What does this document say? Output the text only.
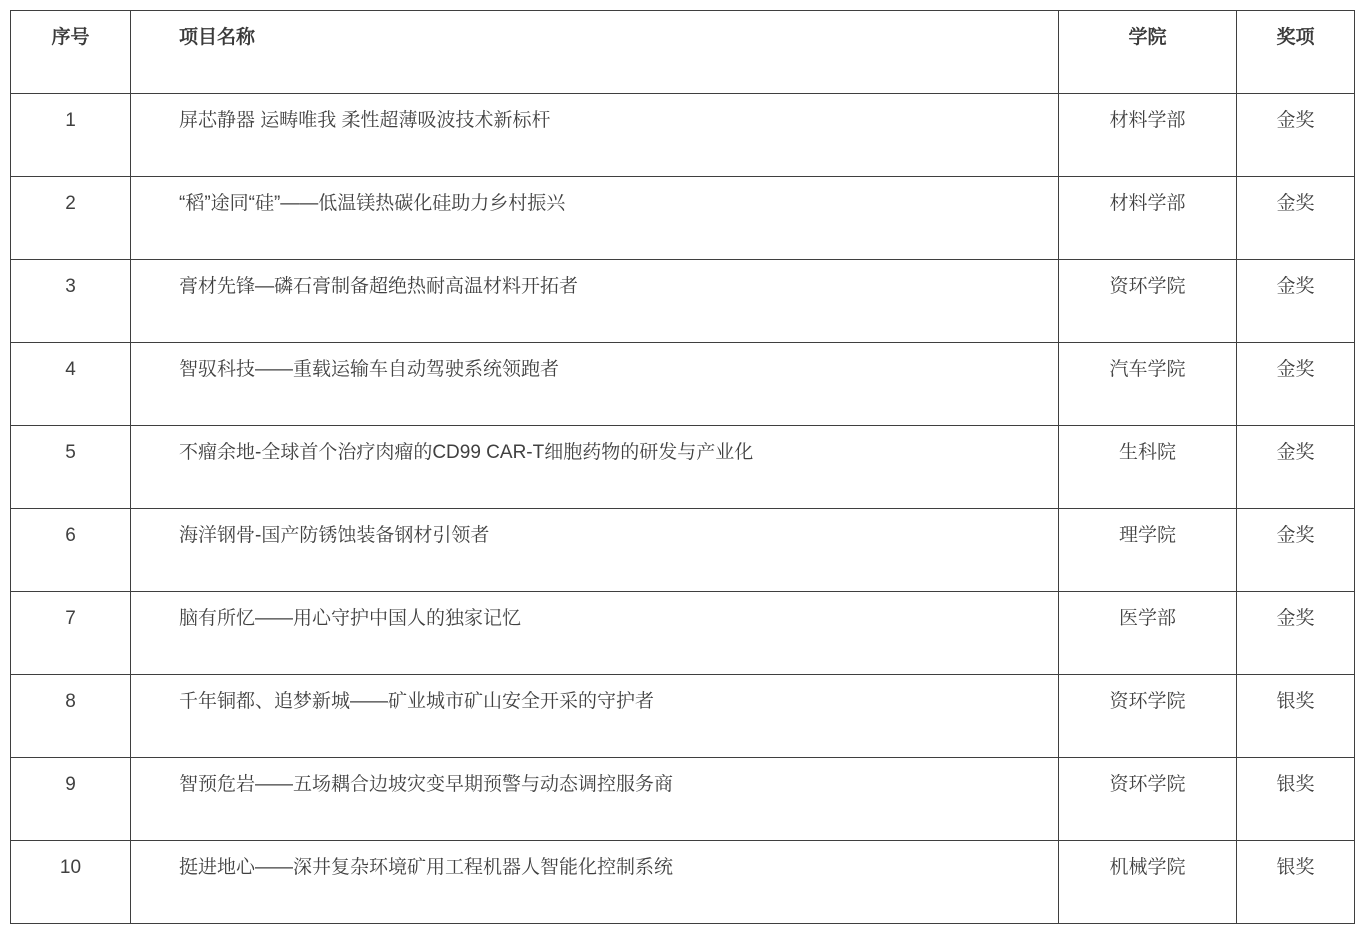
序号	项目名称	学院	奖项
1	屏芯静器 运畴唯我 柔性超薄吸波技术新标杆	材料学部	金奖
2	“稻”途同“硅”——低温镁热碳化硅助力乡村振兴	材料学部	金奖
3	膏材先锋—磷石膏制备超绝热耐高温材料开拓者	资环学院	金奖
4	智驭科技——重载运输车自动驾驶系统领跑者	汽车学院	金奖
5	不瘤余地-全球首个治疗肉瘤的CD99 CAR-T细胞药物的研发与产业化	生科院	金奖
6	海洋钢骨-国产防锈蚀装备钢材引领者	理学院	金奖
7	脑有所忆——用心守护中国人的独家记忆	医学部	金奖
8	千年铜都、追梦新城——矿业城市矿山安全开采的守护者	资环学院	银奖
9	智预危岩——五场耦合边坡灾变早期预警与动态调控服务商	资环学院	银奖
10	挺进地心——深井复杂环境矿用工程机器人智能化控制系统	机械学院	银奖
